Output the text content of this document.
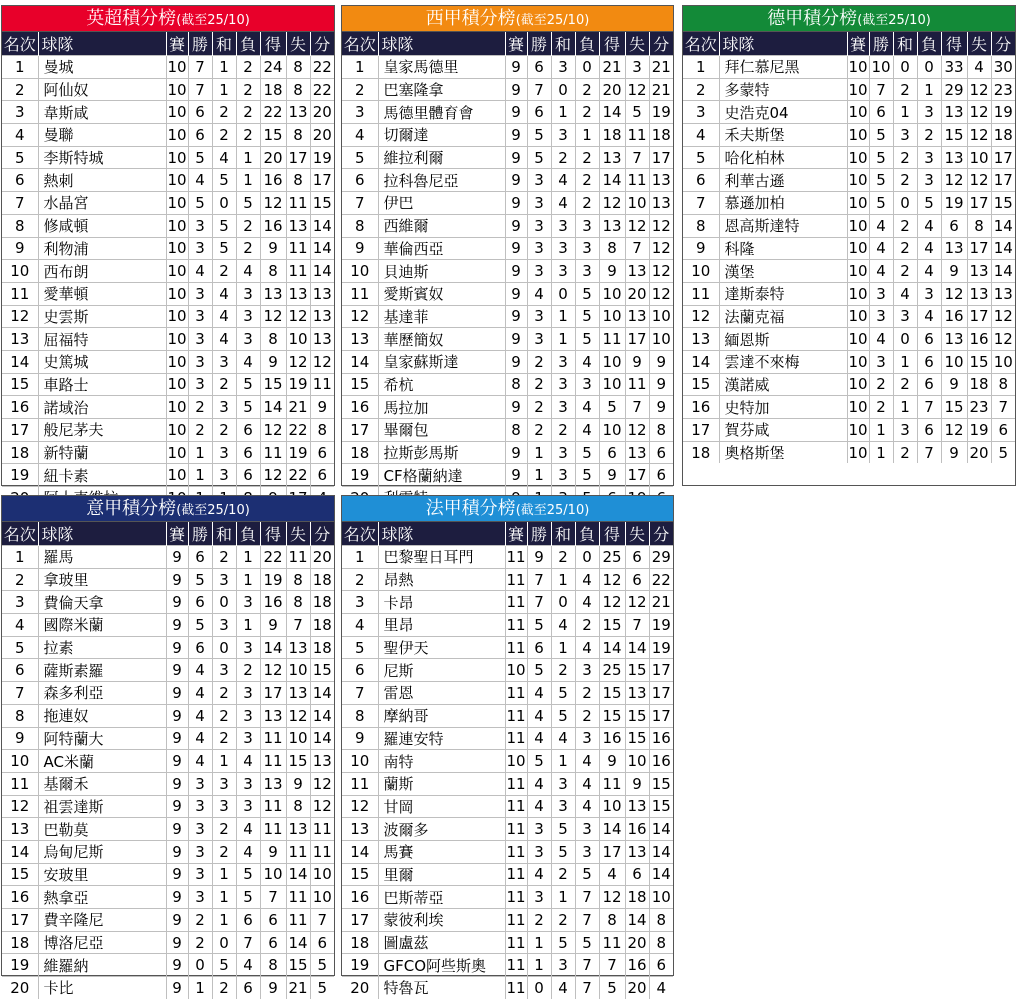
英超積分榜(截至25/10)
名次	球隊	賽	勝	和	負	得	失	分
1	曼城	10	7	1	2	24	8	22
2	阿仙奴	10	7	1	2	18	8	22
3	韋斯咸	10	6	2	2	22	13	20
4	曼聯	10	6	2	2	15	8	20
5	李斯特城	10	5	4	1	20	17	19
6	熱刺	10	4	5	1	16	8	17
7	水晶宮	10	5	0	5	12	11	15
8	修咸頓	10	3	5	2	16	13	14
9	利物浦	10	3	5	2	9	11	14
10	西布朗	10	4	2	4	8	11	14
11	愛華頓	10	3	4	3	13	13	13
12	史雲斯	10	3	4	3	12	12	13
13	屈福特	10	3	4	3	8	10	13
14	史篤城	10	3	3	4	9	12	12
15	車路士	10	3	2	5	15	19	11
16	諾域治	10	2	3	5	14	21	9
17	般尼茅夫	10	2	2	6	12	22	8
18	新特蘭	10	1	3	6	11	19	6
19	紐卡素	10	1	3	6	12	22	6

西甲積分榜(截至25/10)
名次	球隊	賽	勝	和	負	得	失	分
1	皇家馬德里	9	6	3	0	21	3	21
2	巴塞隆拿	9	7	0	2	20	12	21
3	馬德里體育會	9	6	1	2	14	5	19
4	切爾達	9	5	3	1	18	11	18
5	維拉利爾	9	5	2	2	13	7	17
6	拉科魯尼亞	9	3	4	2	14	11	13
7	伊巴	9	3	4	2	12	10	13
8	西維爾	9	3	3	3	13	12	12
9	華倫西亞	9	3	3	3	8	7	12
10	貝迪斯	9	3	3	3	9	13	12
11	愛斯賓奴	9	4	0	5	10	20	12
12	基達菲	9	3	1	5	10	13	10
13	華歷簡奴	9	3	1	5	11	17	10
14	皇家蘇斯達	9	2	3	4	10	9	9
15	希杭	8	2	3	3	10	11	9
16	馬拉加	9	2	3	4	5	7	9
17	畢爾包	8	2	2	4	10	12	8
18	拉斯彭馬斯	9	1	3	5	6	13	6
19	CF格蘭納達	9	1	3	5	9	17	6

德甲積分榜(截至25/10)
名次	球隊	賽	勝	和	負	得	失	分
1	拜仁慕尼黑	10	10	0	0	33	4	30
2	多蒙特	10	7	2	1	29	12	23
3	史浩克04	10	6	1	3	13	12	19
4	禾夫斯堡	10	5	3	2	15	12	18
5	哈化柏林	10	5	2	3	13	10	17
6	利華古遜	10	5	2	3	12	12	17
7	慕遜加柏	10	5	0	5	19	17	15
8	恩高斯達特	10	4	2	4	6	8	14
9	科隆	10	4	2	4	13	17	14
10	漢堡	10	4	2	4	9	13	14
11	達斯泰特	10	3	4	3	12	13	13
12	法蘭克福	10	3	3	4	16	17	12
13	緬恩斯	10	4	0	6	13	16	12
14	雲達不來梅	10	3	1	6	10	15	10
15	漢諾威	10	2	2	6	9	18	8
16	史特加	10	2	1	7	15	23	7
17	賀芬咸	10	1	3	6	12	19	6
18	奧格斯堡	10	1	2	7	9	20	5
意甲積分榜(截至25/10)
名次	球隊	賽	勝	和	負	得	失	分
1	羅馬	9	6	2	1	22	11	20
2	拿玻里	9	5	3	1	19	8	18
3	費倫天拿	9	6	0	3	16	8	18
4	國際米蘭	9	5	3	1	9	7	18
5	拉素	9	6	0	3	14	13	18
6	薩斯素羅	9	4	3	2	12	10	15
7	森多利亞	9	4	2	3	17	13	14
8	拖連奴	9	4	2	3	13	12	14
9	阿特蘭大	9	4	2	3	11	10	14
10	AC米蘭	9	4	1	4	11	15	13
11	基爾禾	9	3	3	3	13	9	12
12	祖雲達斯	9	3	3	3	11	8	12
13	巴勒莫	9	3	2	4	11	13	11
14	烏甸尼斯	9	3	2	4	9	11	11
15	安玻里	9	3	1	5	10	14	10
16	熱拿亞	9	3	1	5	7	11	10
17	費辛隆尼	9	2	1	6	6	11	7
18	博洛尼亞	9	2	0	7	6	14	6
19	維羅納	9	0	5	4	8	15	5
20	卡比	9	1	2	6	9	21	5
法甲積分榜(截至25/10)
名次	球隊	賽	勝	和	負	得	失	分
1	巴黎聖日耳門	11	9	2	0	25	6	29
2	昂熱	11	7	1	4	12	6	22
3	卡昂	11	7	0	4	12	12	21
4	里昂	11	5	4	2	15	7	19
5	聖伊天	11	6	1	4	14	14	19
6	尼斯	10	5	2	3	25	15	17
7	雷恩	11	4	5	2	15	13	17
8	摩納哥	11	4	5	2	15	15	17
9	羅連安特	11	4	4	3	16	15	16
10	南特	10	5	1	4	9	10	16
11	蘭斯	11	4	3	4	11	9	15
12	甘岡	11	4	3	4	10	13	15
13	波爾多	11	3	5	3	14	16	14
14	馬賽	11	3	5	3	17	13	14
15	里爾	11	4	2	5	4	6	14
16	巴斯蒂亞	11	3	1	7	12	18	10
17	蒙彼利埃	11	2	2	7	8	14	8
18	圖盧茲	11	1	5	5	11	20	8
19	GFCO阿些斯奧	11	1	3	7	7	16	6
20	特魯瓦	11	0	4	7	5	20	4
